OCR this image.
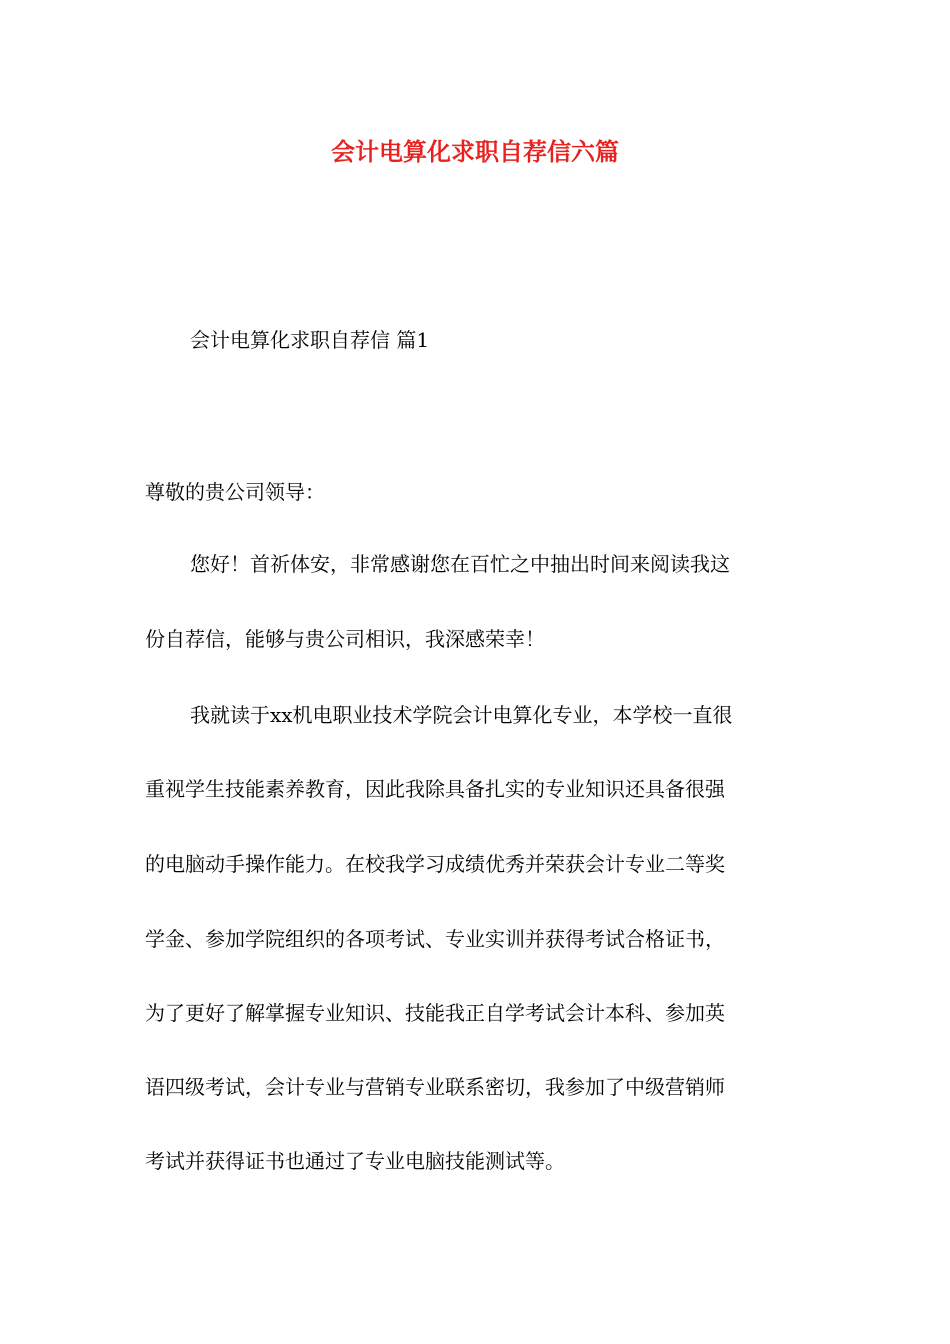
会计电算化求职自荐信六篇
会计电算化求职自荐信 篇1
尊敬的贵公司领导：
您好！首祈体安，非常感谢您在百忙之中抽出时间来阅读我这
份自荐信，能够与贵公司相识，我深感荣幸！
我就读于xx机电职业技术学院会计电算化专业，本学校一直很
重视学生技能素养教育，因此我除具备扎实的专业知识还具备很强
的电脑动手操作能力。在校我学习成绩优秀并荣获会计专业二等奖
学金、参加学院组织的各项考试、专业实训并获得考试合格证书，
为了更好了解掌握专业知识、技能我正自学考试会计本科、参加英
语四级考试，会计专业与营销专业联系密切，我参加了中级营销师
考试并获得证书也通过了专业电脑技能测试等。
